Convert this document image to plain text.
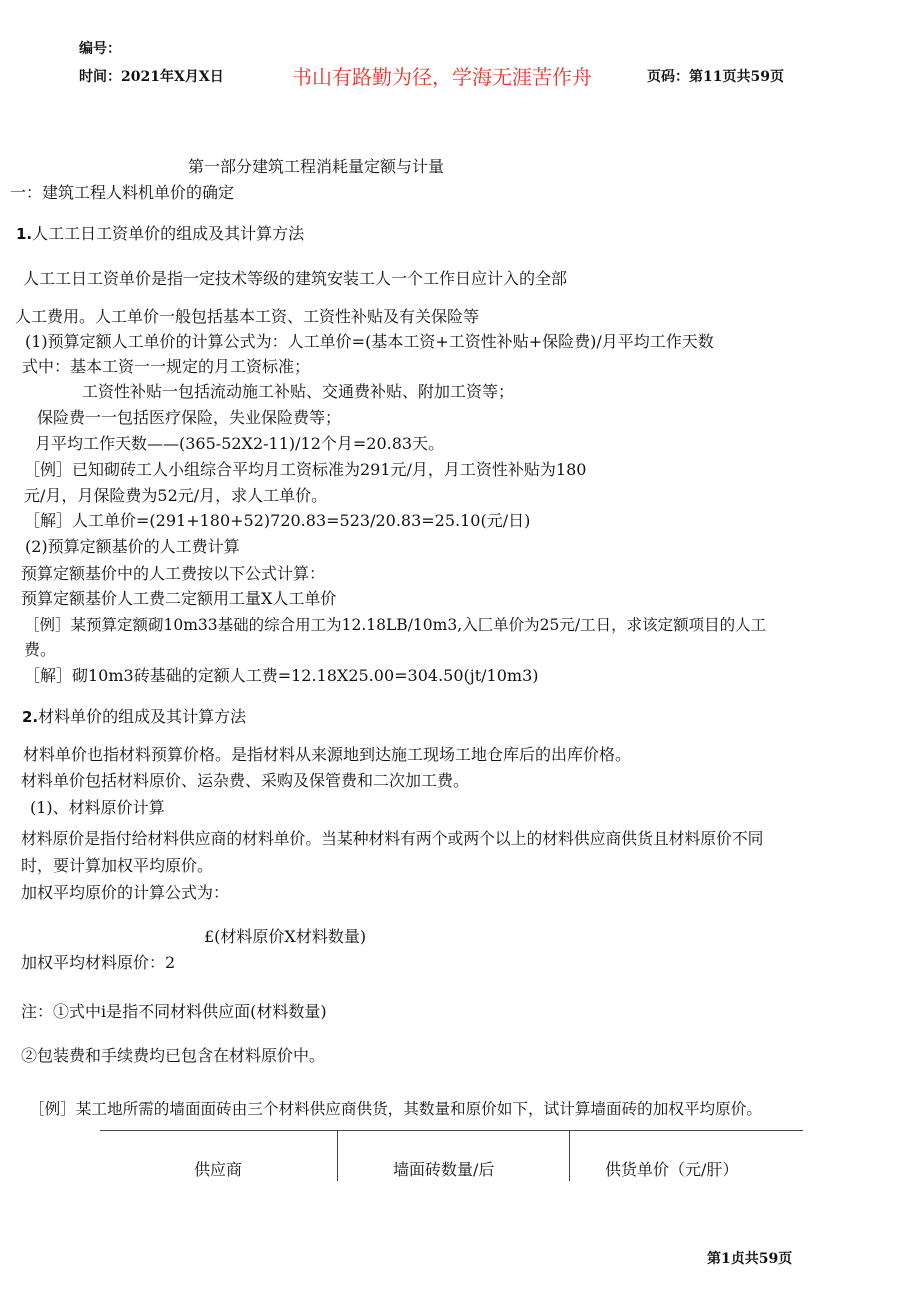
编号：
时间：2021年X月X日	书山有路勤为径，学海无涯苦作舟	页码：第11页共59页
第一部分建筑工程消耗量定额与计量
一：建筑工程人料机单价的确定
1.人工工日工资单价的组成及其计算方法
人工工日工资单价是指一定技术等级的建筑安装工人一个工作日应计入的全部
人工费用。人工单价一般包括基本工资、工资性补贴及有关保险等
(1)预算定额人工单价的计算公式为：人工单价=(基本工资+工资性补贴+保险费)/月平均工作天数
式中：基本工资一一规定的月工资标准；
工资性补贴一包括流动施工补贴、交通费补贴、附加工资等；
保险费一一包括医疗保险，失业保险费等；
月平均工作天数——(365-52X2-11)/12个月=20.83天。
［例］已知砌砖工人小组综合平均月工资标准为291元/月，月工资性补贴为180
元/月，月保险费为52元/月，求人工单价。
［解］人工单价=(291+180+52)720.83=523/20.83=25.10(元/日)
(2)预算定额基价的人工费计算
预算定额基价中的人工费按以下公式计算：
预算定额基价人工费二定额用工量X人工单价
［例］某预算定额砌10m33基础的综合用工为12.18LB/10m3,入匚单价为25元/工日，求该定额项目的人工
费。
［解］砌10m3砖基础的定额人工费=12.18X25.00=304.50(jt/10m3)
2.材料单价的组成及其计算方法
材料单价也指材料预算价格。是指材料从来源地到达施工现场工地仓库后的出库价格。
材料单价包括材料原价、运杂费、采购及保管费和二次加工费。
(1)、材料原价计算
材料原价是指付给材料供应商的材料单价。当某种材料有两个或两个以上的材料供应商供货且材料原价不同
时，要计算加权平均原价。
加权平均原价的计算公式为：
£(材料原价X材料数量)
加权平均材料原价：2
注：①式中i是指不同材料供应面(材料数量)
②包装费和手续费均已包含在材料原价中。
［例］某工地所需的墙面面砖由三个材料供应商供货，其数量和原价如下，试计算墙面砖的加权平均原价。
供应商	墙面砖数量/后	供货单价（元/肝）
第1贞共59页
